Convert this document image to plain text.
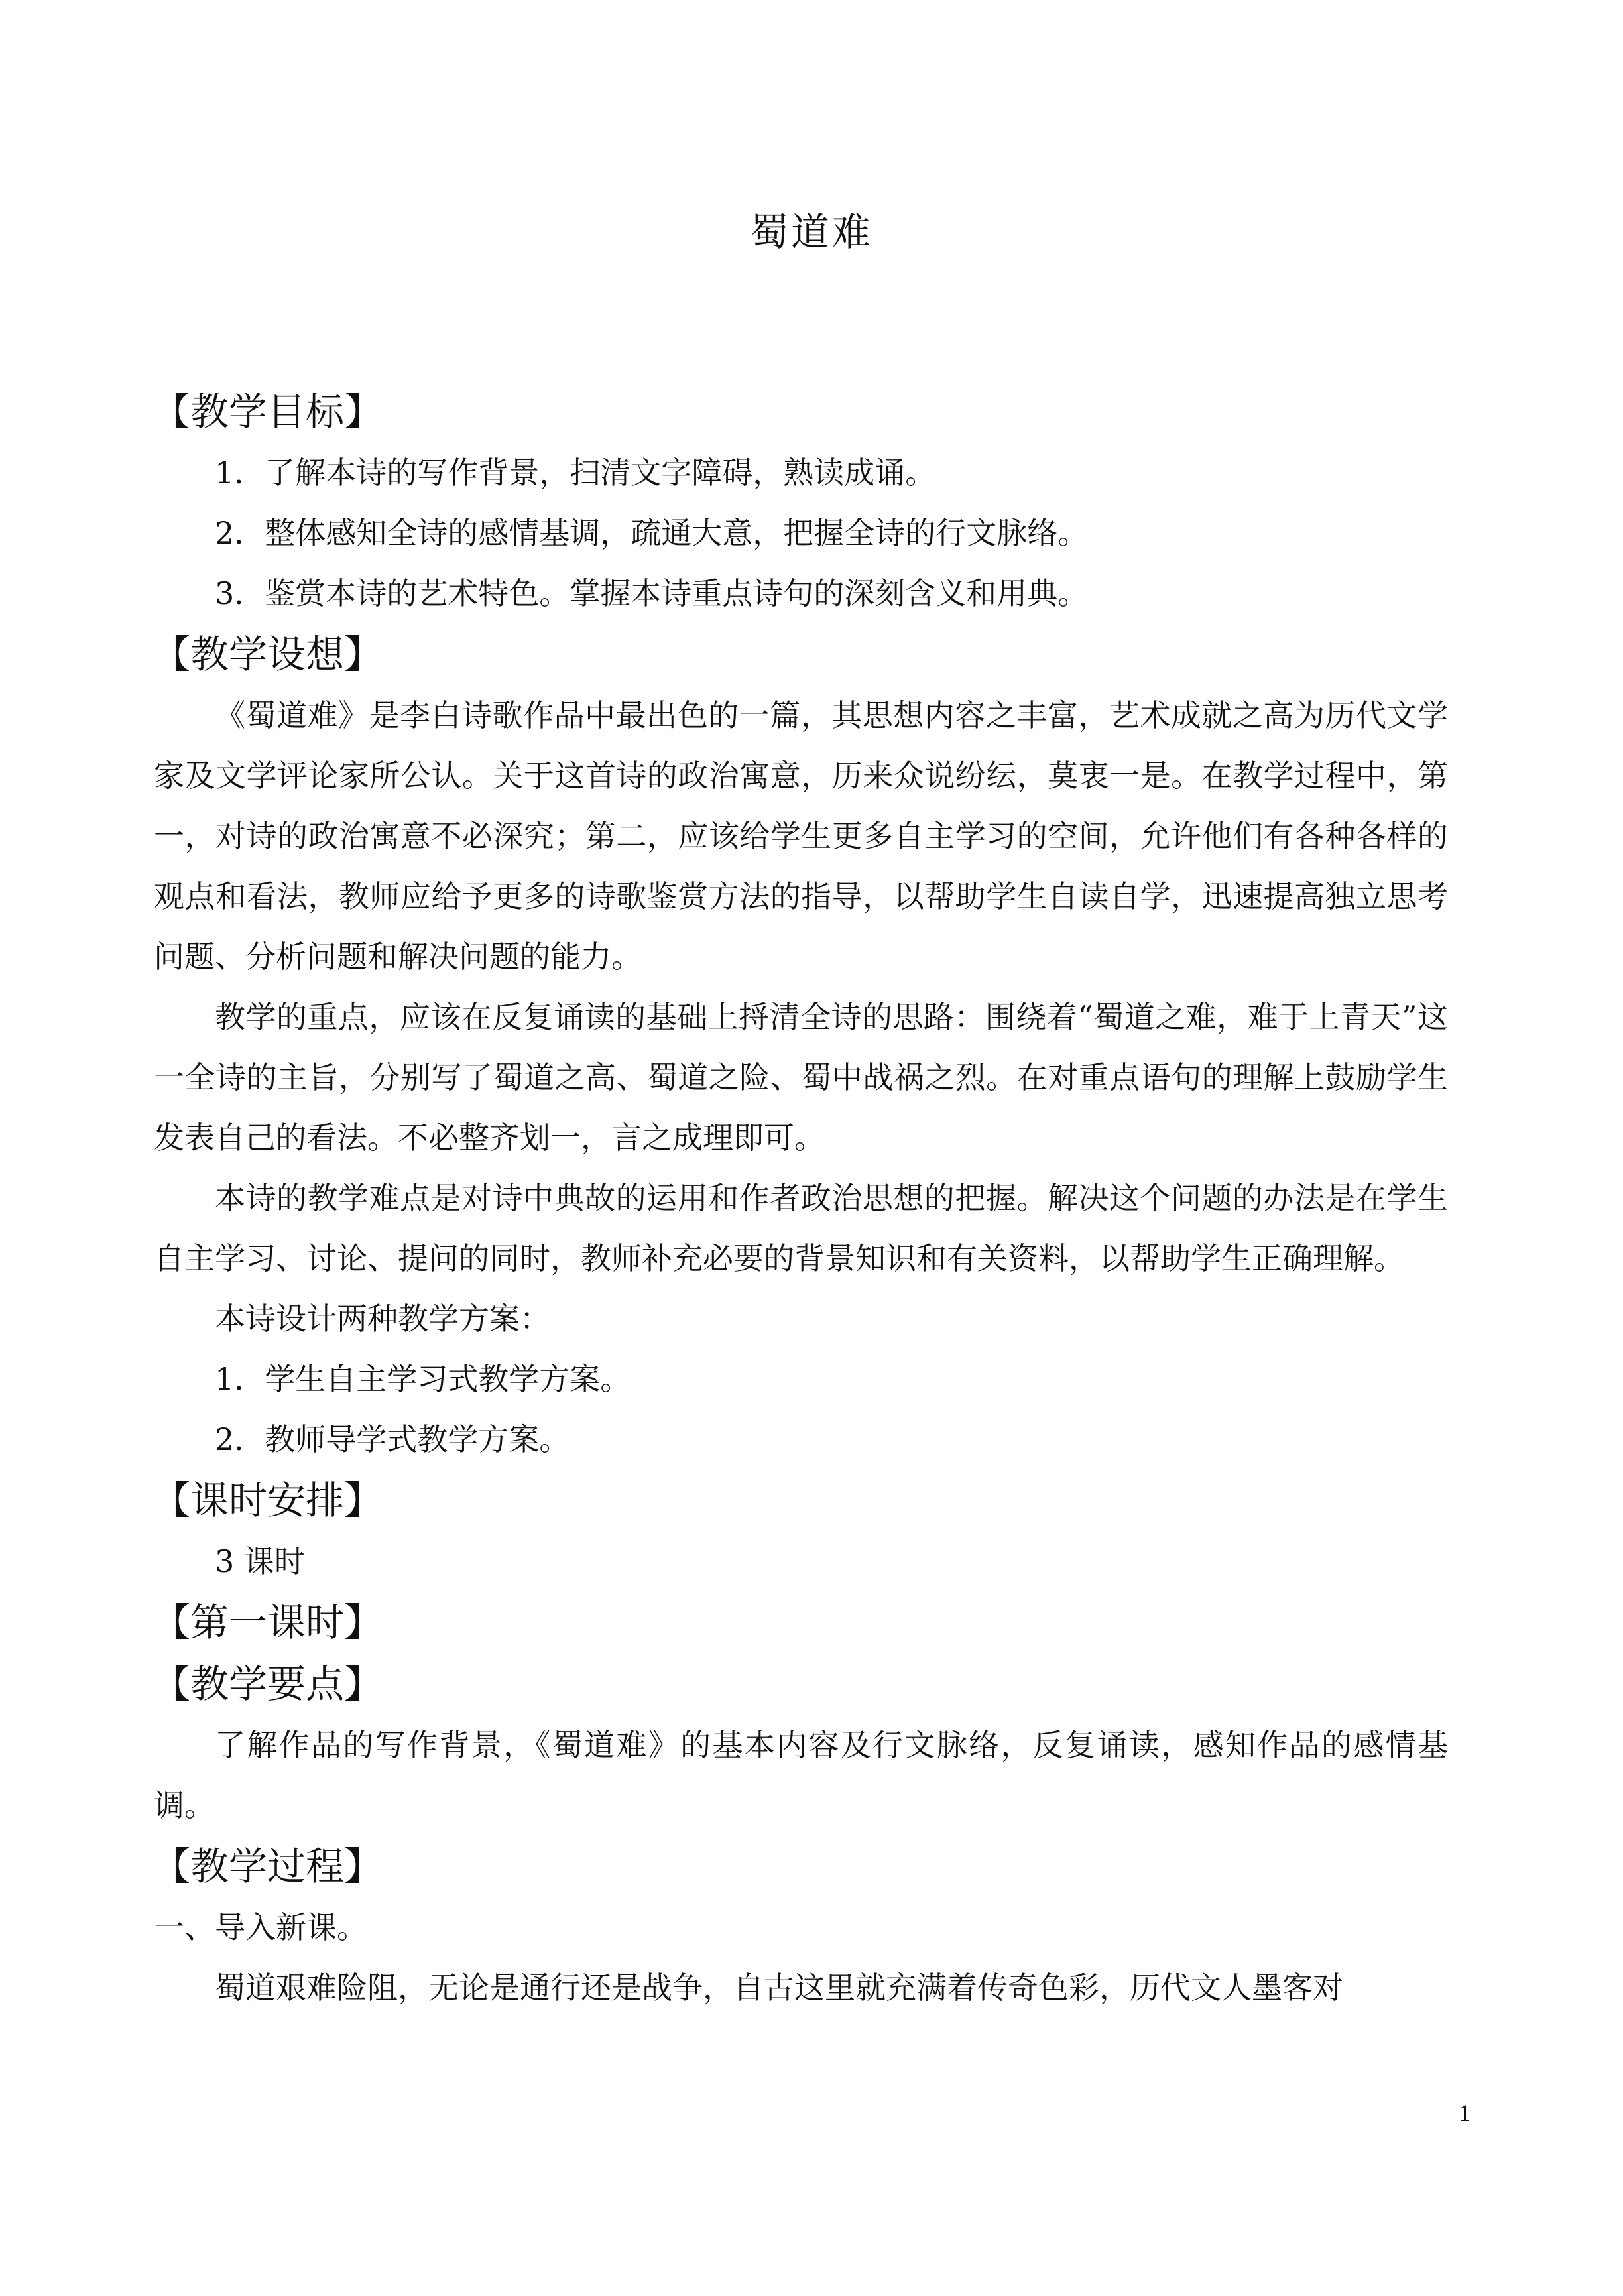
蜀道难
【教学目标】
1．了解本诗的写作背景，扫清文字障碍，熟读成诵。
2．整体感知全诗的感情基调，疏通大意，把握全诗的行文脉络。
3．鉴赏本诗的艺术特色。掌握本诗重点诗句的深刻含义和用典。
【教学设想】
《蜀道难》是李白诗歌作品中最出色的一篇，其思想内容之丰富，艺术成就之高为历代文学家及文学评论家所公认。关于这首诗的政治寓意，历来众说纷纭，莫衷一是。在教学过程中，第一，对诗的政治寓意不必深究；第二，应该给学生更多自主学习的空间，允许他们有各种各样的观点和看法，教师应给予更多的诗歌鉴赏方法的指导，以帮助学生自读自学，迅速提高独立思考问题、分析问题和解决问题的能力。
教学的重点，应该在反复诵读的基础上捋清全诗的思路：围绕着“蜀道之难，难于上青天”这一全诗的主旨，分别写了蜀道之高、蜀道之险、蜀中战祸之烈。在对重点语句的理解上鼓励学生发表自己的看法。不必整齐划一，言之成理即可。
本诗的教学难点是对诗中典故的运用和作者政治思想的把握。解决这个问题的办法是在学生自主学习、讨论、提问的同时，教师补充必要的背景知识和有关资料，以帮助学生正确理解。
本诗设计两种教学方案：
1．学生自主学习式教学方案。
2．教师导学式教学方案。
【课时安排】
3 课时
【第一课时】
【教学要点】
了解作品的写作背景，《蜀道难》的基本内容及行文脉络，反复诵读，感知作品的感情基调。
【教学过程】
一、导入新课。
蜀道艰难险阻，无论是通行还是战争，自古这里就充满着传奇色彩，历代文人墨客对
1
